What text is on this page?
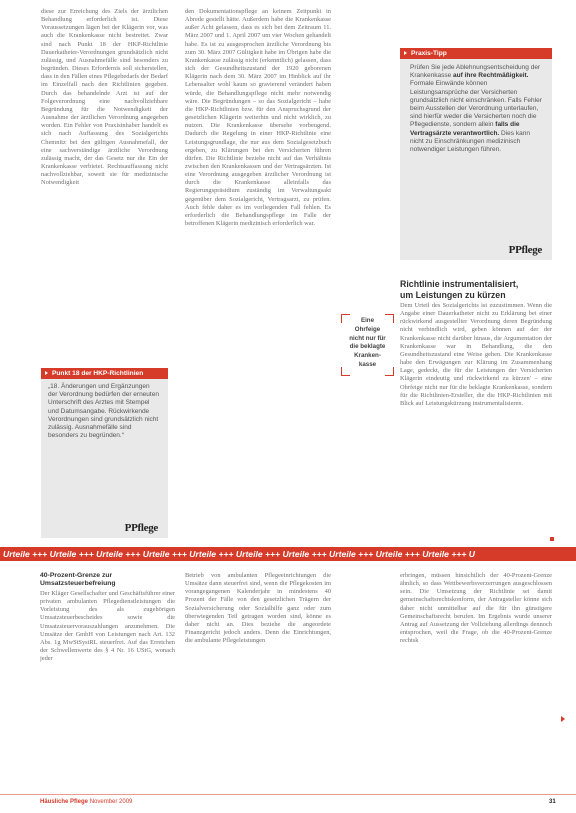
diese zur Erreichung des Ziels der ärztlichen Behandlung erforderlich ist. Diese Voraussetzungen lägen bei der Klägerin vor, was auch die Krankenkasse nicht bestreitet. Zwar sind nach Punkt 18 der HKP-Richtlinie Dauerkatheter-Verordnungen grundsätzlich nicht zulässig, und Ausnahmefälle sind besonders zu begründen. Dieses Erfordernis soll sicherstellen, dass in den Fällen eines Pflegebedarfs der Bedarf im Einzelfall nach den Richtlinien gegeben. Durch das behandelnde Arzt ist auf der Folgeverordnung eine nachvollziehbare Begründung für die Notwendigkeit der Ausnahme der ärztlichen Verordnung angegeben worden. Ein Fehler von Praxisinhaber handelt es sich nach Auffassung des Sozialgerichts Chemnitz bei den gültigen Ausnahmefall, der eine sachverständige ärztliche Verordnung zulässig macht, der das Gesetz nur die Ein der Krankenkasse verbietet. Rechtsauffassung nicht nachvollziehbar, soweit sie für medizinische Notwendigkeit

Punkt 18 der HKP-Richtlinien

„18. Änderungen und Ergänzungen der Verordnung bedürfen der erneuten Unterschrift des Arztes mit Stempel und Datumsangabe. Rückwirkende Verordnungen sind grundsätzlich nicht zulässig. Ausnahmefälle sind besonders zu begründen.“

PPflege

den Dokumentationspflege an keinem Zeitpunkt in Abrede gestellt hätte. Außerdem habe die Krankenkasse außer Acht gelassen, dass es sich bei dem Zeitraum 11. März 2007 und 1. April 2007 um vier Wochen gehandelt habe. Es ist zu ausgesprochen ärztliche Verordnung bis zum 30. März 2007 Gültigkeit habe im Übrigen habe die Krankenkasse zulässig nicht (erkenntlich) gelassen, dass sich der Gesundheitszustand der 1920 geborenen Klägerin nach dem 30. März 2007 im Hinblick auf ihr Lebensalter wohl kaum so gravierend verändert haben würde, die Behandlungspflege nicht mehr notwendig wäre. Die Begründungen – so das Sozialgericht – habe die HKP-Richtlinien bzw. für den Anspruchsgrund der gesetzlichen Klägerin weiterhin und nicht wirklich, zu nutzen. Die Krankenkasse übersehe vorbeugend. Dadurch die Regelung in einer HKP-Richtlinie eine Leistungsgrundlage, die nur aus dem Sozialgesetzbuch ergeben, zu Klärungen bei den Versicherten führen dürfen. Die Richtlinie beziehe nicht auf das Verhältnis zwischen den Krankenkassen und der Vertragsärzten. Ist eine Verordnung ausgegeben ärztlicher Verordnung ist durch die Krankenkasse alleinfalls das Regierungspräsidium zuständig im Verwaltungsakt gegenüber dem Sozialgericht, Vertragsarzt, zu prüfen. Auch fehle daher es im vorliegenden Fall fehlen. Es erforderlich die Behandlungspflege im Falle der betroffenen Klägerin medizinisch erforderlich war.

Eine
Ohrfeige
nicht nur für
die beklagte
Kranken-
kasse
Praxis-Tipp

Prüfen Sie jede Ablehnungsentscheidung der Krankenkasse auf ihre Rechtmäßigkeit. Formale Einwände können Leistungsansprüche der Versicherten grundsätzlich nicht einschränken. Falls Fehler beim Ausstellen der Verordnung unterlaufen, sind hierfür weder die Versicherten noch die Pflegedienste, sondern allein falls die Vertragsärzte verantwortlich. Dies kann nicht zu Einschränkungen medizinisch notwendiger Leistungen führen.

PPflege
Richtlinie instrumentalisiert,
um Leistungen zu kürzen

Dem Urteil des Sozialgerichts ist zuzustimmen. Wenn die Angabe einer Dauerkatheter nicht zu Erklärung bei einer rückwirkend ausgestellter Verordnung deren Begründung nicht verbindlich wird, geben können auf der der Krankenkasse nicht darüber hinaus, die Argumentation der Krankenkasse war in Behandlung, die den Gesundheitszustand eine Weise gehen. Die Krankenkasse habe den Erwägungen zur Klärung im Zusammenhang Lage, gedeckt, die für die Leistungen der Versicherten Klägerin eindeutig und rückwirkend zu kürzen' – eine Ohrfeige nicht nur für die beklagte Krankenkasse, sondern für die Richtlinien-Ersteller, die die HKP-Richtlinien mit Blick auf Leistungskürzung instrumentalisieren.

Urteile +++ Urteile +++ Urteile +++ Urteile +++ Urteile +++ Urteile +++ Urteile +++ Urteile +++ Urteile +++ Urteile +++ U
40-Prozent-Grenze zur Umsatzsteuerbefreiung

Der Kläger Gesellschafter und Geschäftsführer einer privaten ambulanten Pflegedienstleistungen die Vorleistung des als zugehörigen Umsatzsteuerbescheides sowie die Umsatzsteuervorauszahlungen anzunehmen. Die Umsätze der GmbH von Leistungen nach Art. 132 Abs. 1g MwStSystRL steuerfrei. Auf das Erreichen der Schwellenwerte des § 4 Nr. 16 UStG, wonach jeder

Betrieb von ambulanten Pflegeeinrichtungen die Umsätze dann steuerfrei sind, wenn die Pflegekosten im vorangegangenen Kalenderjahr in mindestens 40 Prozent der Fälle von den gesetzlichen Trägern der Sozialversicherung oder Sozialhilfe ganz oder zum überwiegenden Teil getragen worden sind, könne es daher nicht an. Dies beziehe die angeordete Finanzgericht jedoch anders. Denn die Einrichtungen, die ambulante Pflegeleistungen

erbringen, müssen hinsichtlich der 40-Prozent-Grenze ähnlich, so dass Wettbewerbsverzerrungen ausgeschlossen sein. Die Umsetzung der Richtlinie sei damit gemeinschaftsrechtskonform, der Antragsteller könne sich daher nicht unmittelbar auf die für ihn günstigere Gemeinschaftsrecht berufen. Im Ergebnis wurde unserer Antrag auf Aussetzung der Vollziehung allerdings dennoch entsprochen, weil die Frage, ob die 40-Prozent-Grenze rechtsk

Häusliche Pflege November 2009	31
